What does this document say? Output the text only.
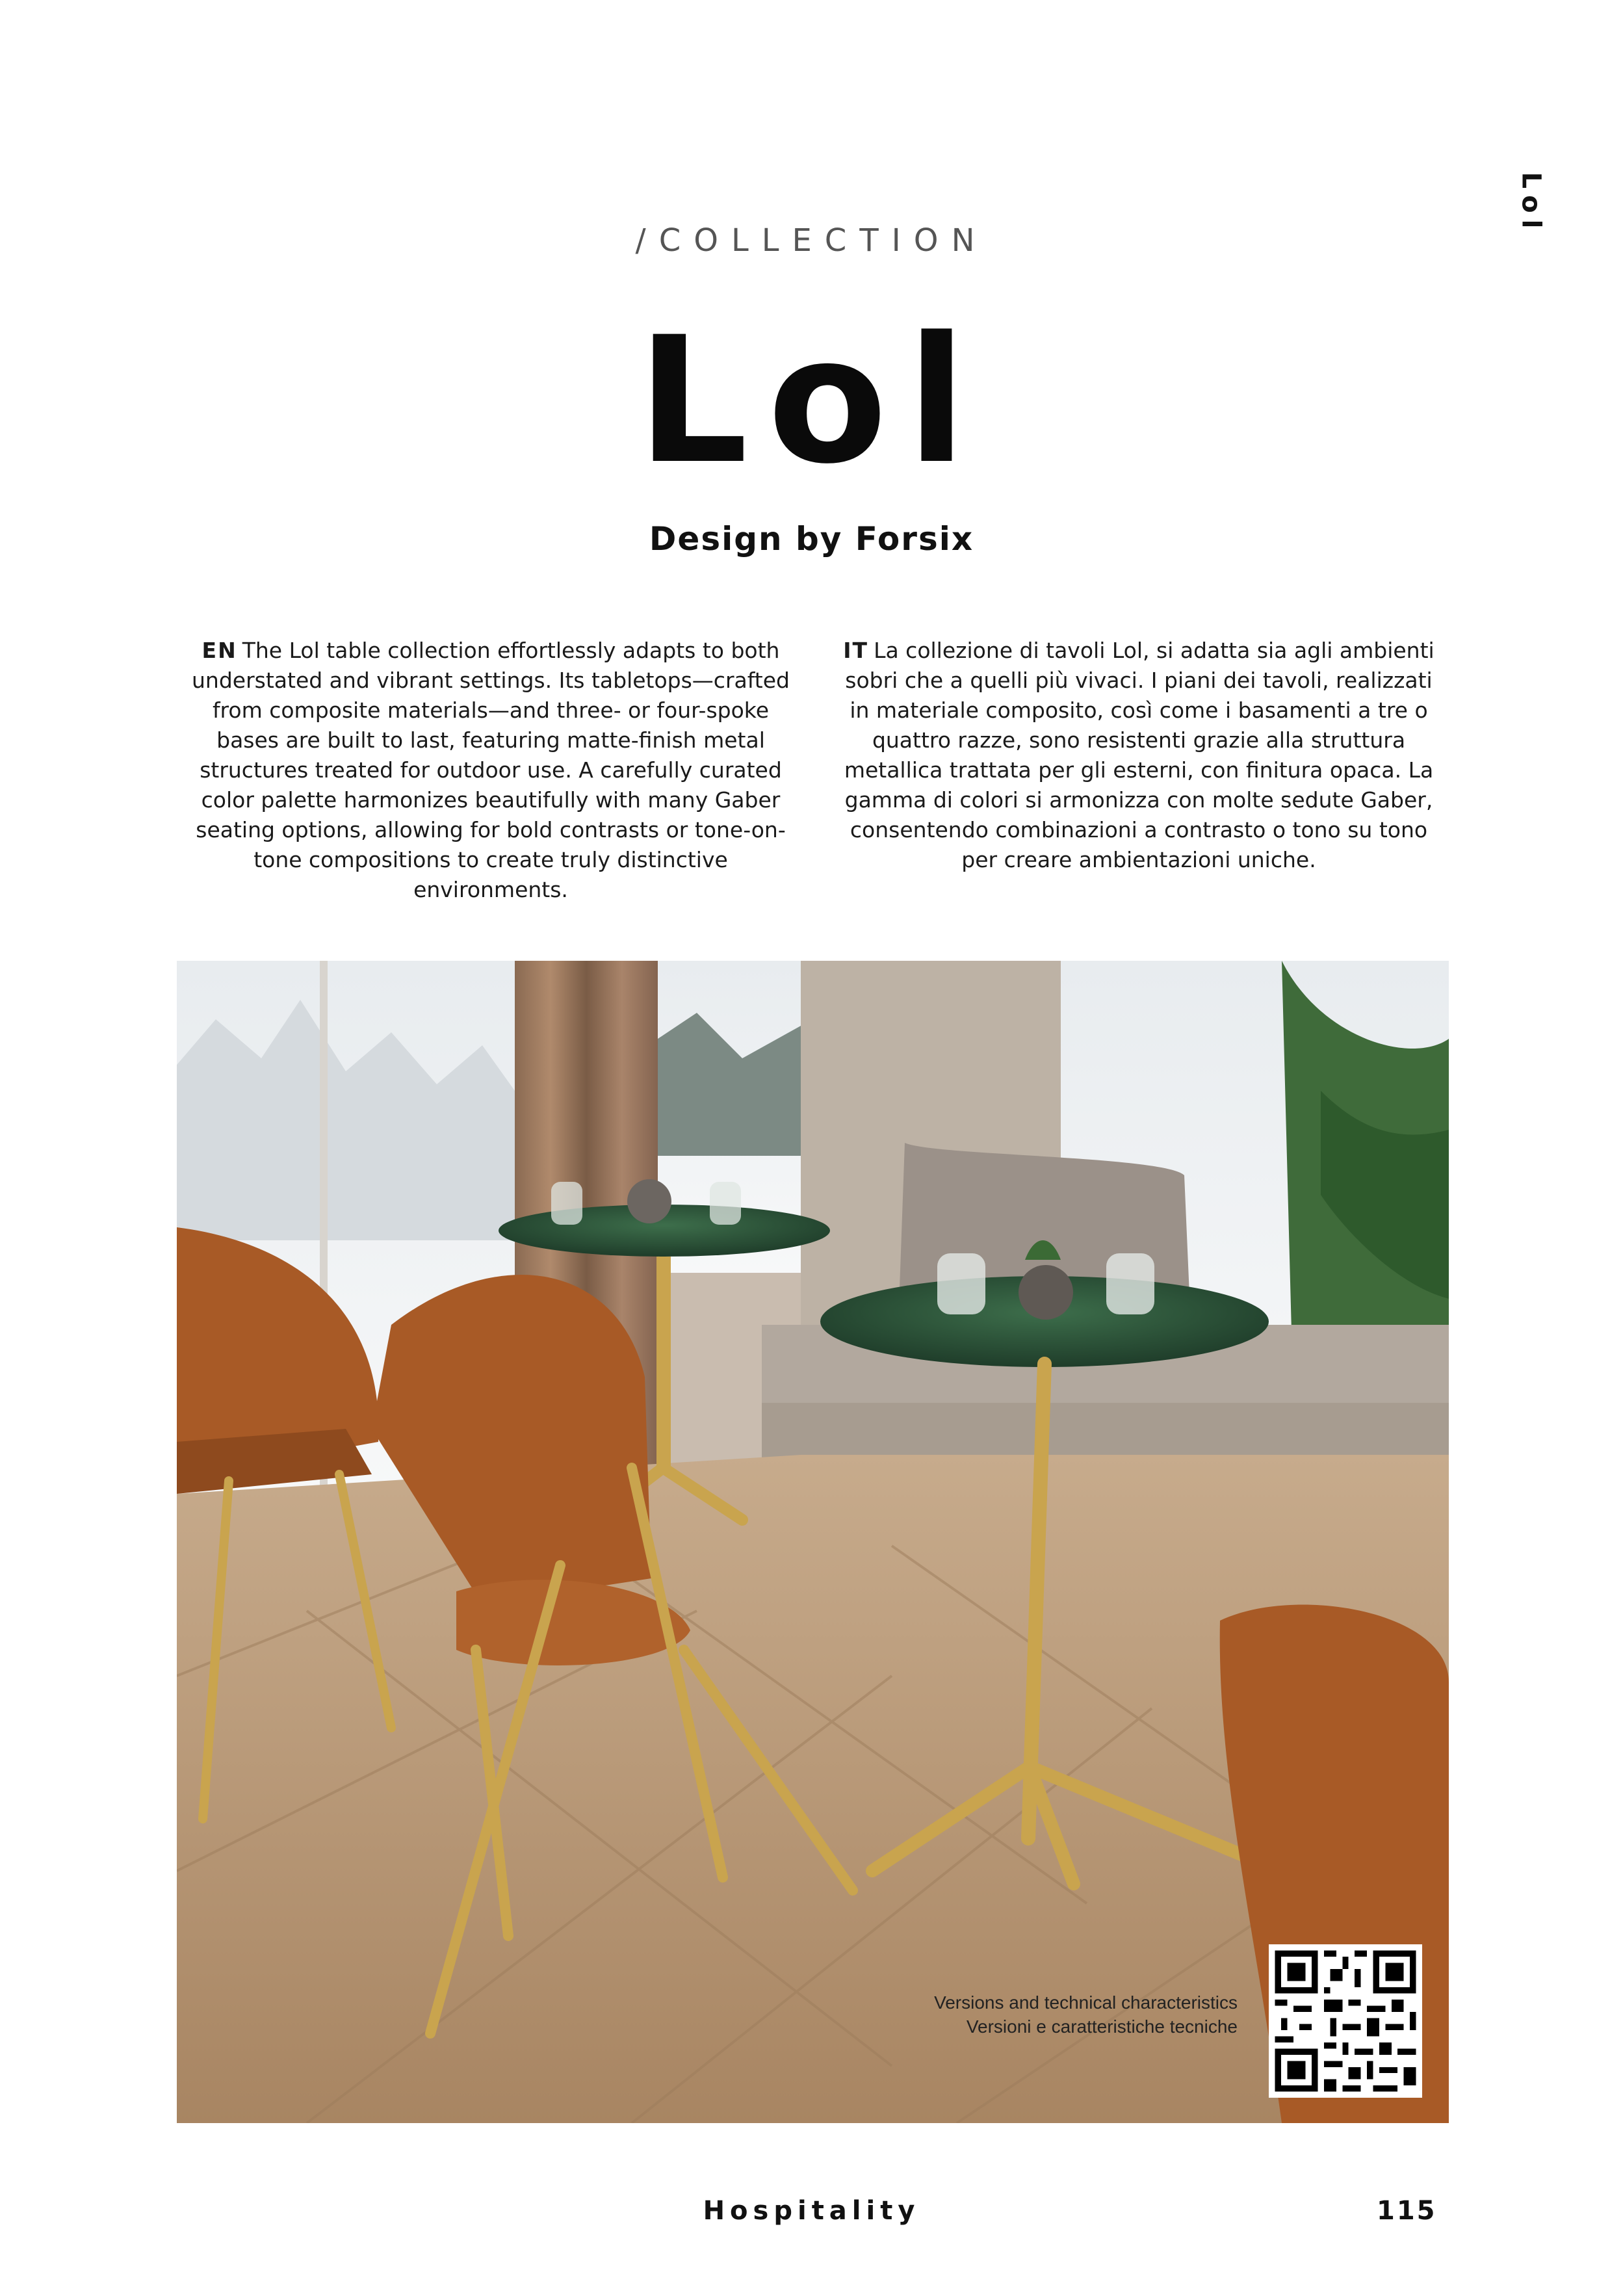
Lol
/COLLECTION
Lol
Design by Forsix
EN The Lol table collection effortlessly adapts to both understated and vibrant settings. Its tabletops—crafted from composite materials—and three- or four-spoke bases are built to last, featuring matte-finish metal structures treated for outdoor use. A carefully curated color palette harmonizes beautifully with many Gaber seating options, allowing for bold contrasts or tone-on-tone compositions to create truly distinctive environments.
IT La collezione di tavoli Lol, si adatta sia agli ambienti sobri che a quelli più vivaci. I piani dei tavoli, realizzati in materiale composito, così come i basamenti a tre o quattro razze, sono resistenti grazie alla struttura metallica trattata per gli esterni, con finitura opaca. La gamma di colori si armonizza con molte sedute Gaber, consentendo combinazioni a contrasto o tono su tono per creare ambientazioni uniche.
Versions and technical characteristics
Versioni e caratteristiche tecniche
Hospitality	115
